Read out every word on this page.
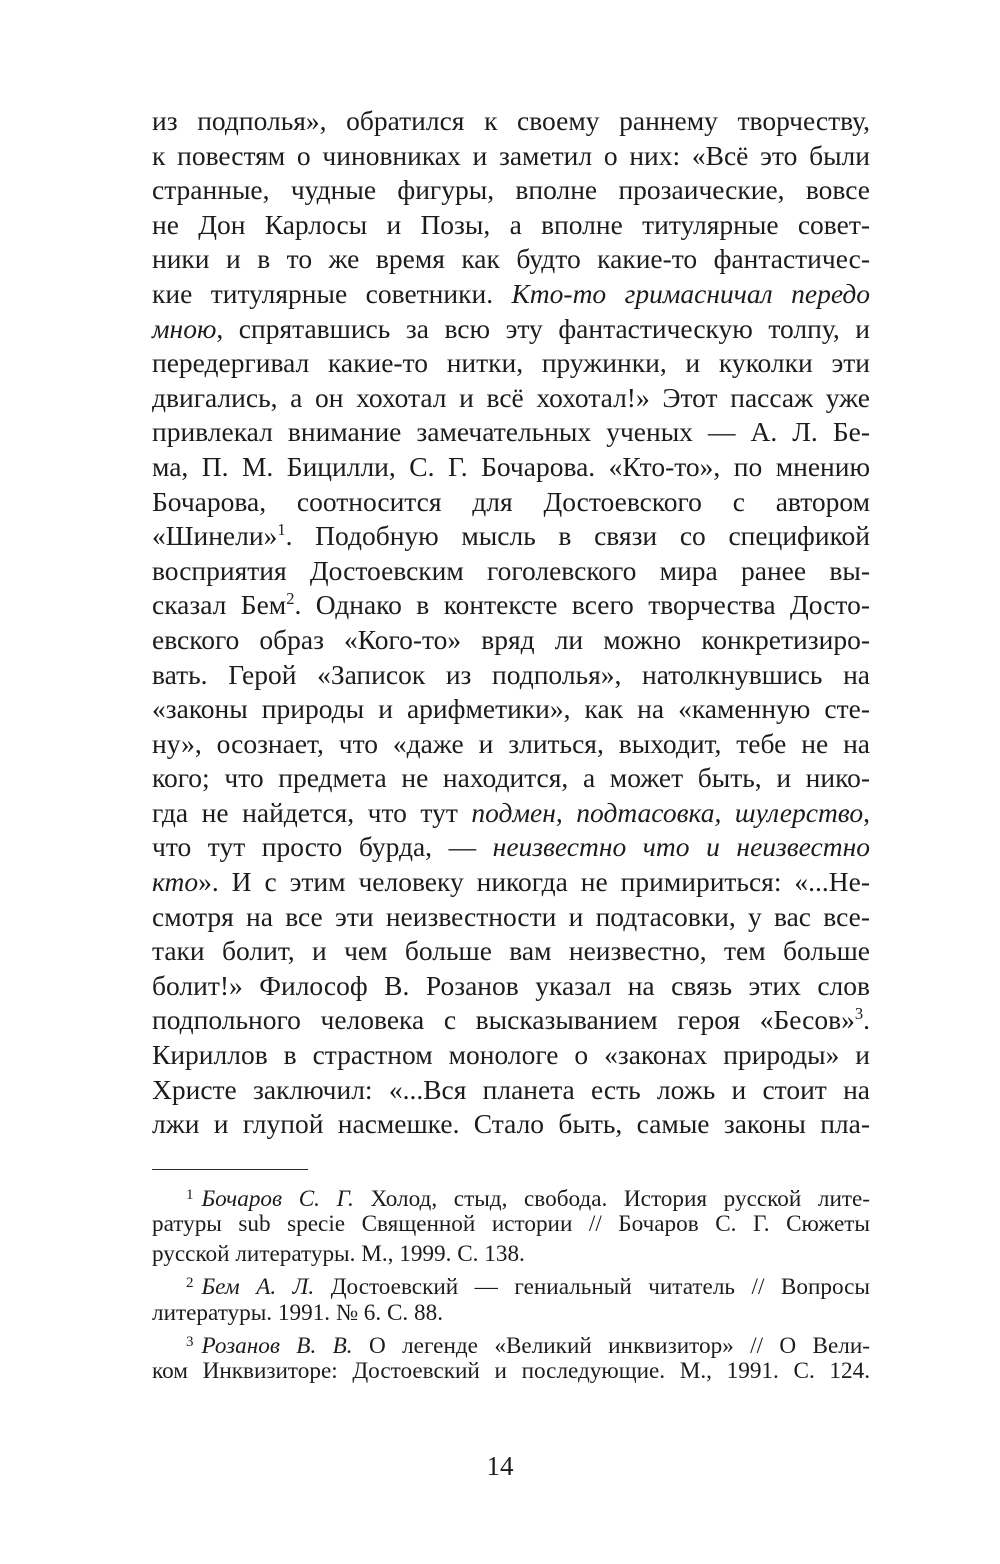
из подполья», обратился к своему раннему творчеству,
к повестям о чиновниках и заметил о них: «Всё это были
странные, чудные фигуры, вполне прозаические, вовсе
не Дон Карлосы и Позы, а вполне титулярные совет-
ники и в то же время как будто какие-то фантастичес-
кие титулярные советники. Кто-то гримасничал передо
мною, спрятавшись за всю эту фантастическую толпу, и
передергивал какие-то нитки, пружинки, и куколки эти
двигались, а он хохотал и всё хохотал!» Этот пассаж уже
привлекал внимание замечательных ученых — А. Л. Бе-
ма, П. М. Бицилли, С. Г. Бочарова. «Кто-то», по мнению
Бочарова, соотносится для Достоевского с автором
«Шинели»$^1$. Подобную мысль в связи со спецификой
восприятия Достоевским гоголевского мира ранее вы-
сказал Бем$^2$. Однако в контексте всего творчества Досто-
евского образ «Кого-то» вряд ли можно конкретизиро-
вать. Герой «Записок из подполья», натолкнувшись на
«законы природы и арифметики», как на «каменную сте-
ну», осознает, что «даже и злиться, выходит, тебе не на
кого; что предмета не находится, а может быть, и нико-
гда не найдется, что тут подмен, подтасовка, шулерство,
что тут просто бурда, — неизвестно что и неизвестно
кто». И с этим человеку никогда не примириться: «...Не-
смотря на все эти неизвестности и подтасовки, у вас все-
таки болит, и чем больше вам неизвестно, тем больше
болит!» Философ В. Розанов указал на связь этих слов
подпольного человека с высказыванием героя «Бесов»$^3$.
Кириллов в страстном монологе о «законах природы» и
Христе заключил: «...Вся планета есть ложь и стоит на
лжи и глупой насмешке. Стало быть, самые законы пла-
1 Бочаров С. Г. Холод, стыд, свобода. История русской лите-
ратуры sub specie Священной истории // Бочаров С. Г. Сюжеты
русской литературы. М., 1999. С. 138.
2 Бем А. Л. Достоевский — гениальный читатель // Вопросы
литературы. 1991. № 6. С. 88.
3 Розанов В. В. О легенде «Великий инквизитор» // О Вели-
ком Инквизиторе: Достоевский и последующие. М., 1991. С. 124.
14
